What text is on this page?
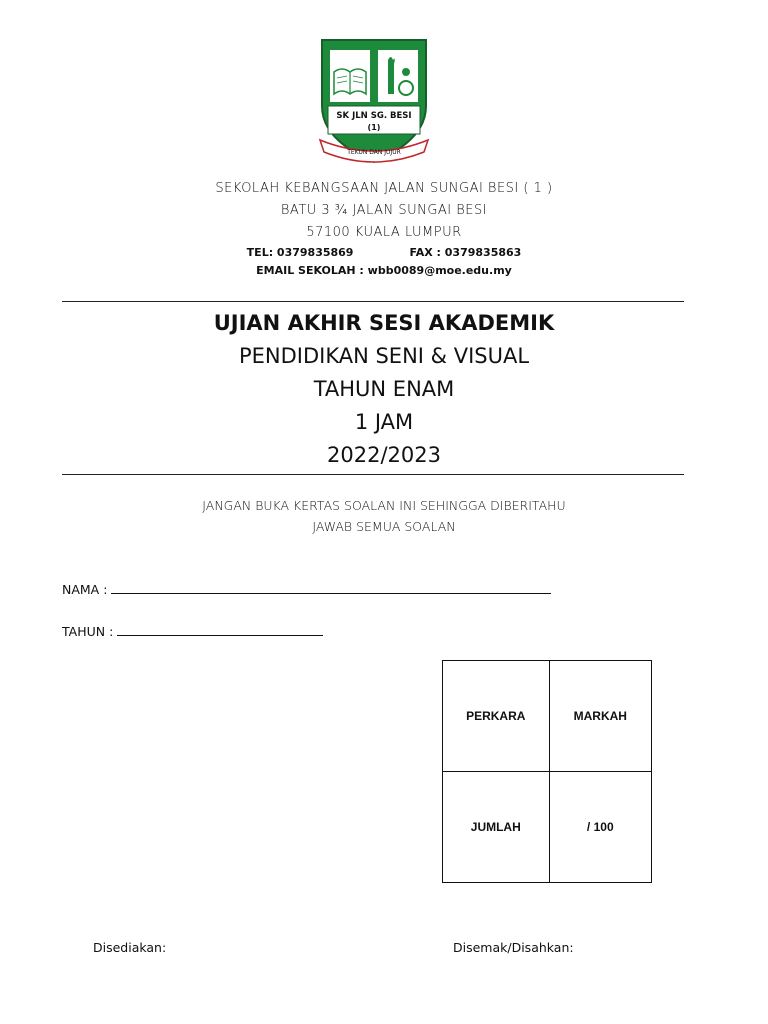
SK JLN SG. BESI
(1)
TEKUN DAN JUJUR
SEKOLAH KEBANGSAAN JALAN SUNGAI BESI ( 1 )
BATU 3 ¾ JALAN SUNGAI BESI
57100 KUALA LUMPUR
TEL: 0379835869	FAX : 0379835863
EMAIL SEKOLAH : wbb0089@moe.edu.my
UJIAN AKHIR SESI AKADEMIK
PENDIDIKAN SENI & VISUAL
TAHUN ENAM
1 JAM
2022/2023
JANGAN BUKA KERTAS SOALAN INI SEHINGGA DIBERITAHU
JAWAB SEMUA SOALAN
NAMA :
TAHUN :
PERKARA	MARKAH
JUMLAH	/ 100
Disediakan:	Disemak/Disahkan:
